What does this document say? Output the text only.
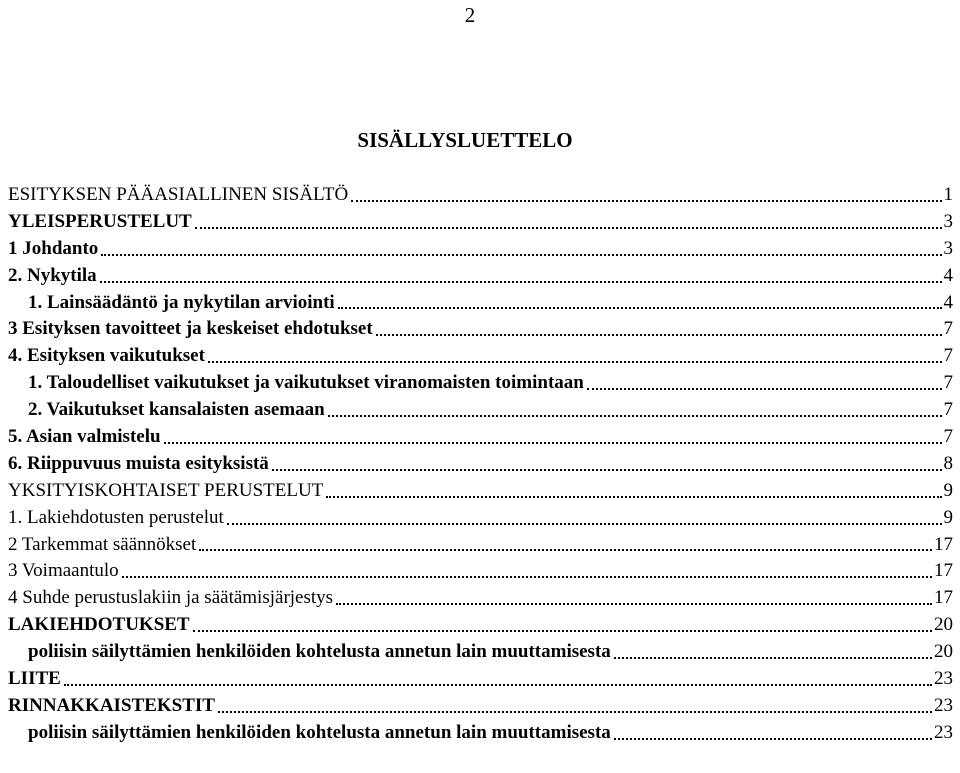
2
SISÄLLYSLUETTELO
ESITYKSEN PÄÄASIALLINEN SISÄLTÖ	1
YLEISPERUSTELUT	3
1 Johdanto	3
2. Nykytila	4
1. Lainsäädäntö ja nykytilan arviointi	4
3 Esityksen tavoitteet ja keskeiset ehdotukset	7
4. Esityksen vaikutukset	7
1. Taloudelliset vaikutukset ja vaikutukset viranomaisten toimintaan	7
2. Vaikutukset kansalaisten asemaan	7
5. Asian valmistelu	7
6. Riippuvuus muista esityksistä	8
YKSITYISKOHTAISET PERUSTELUT	9
1. Lakiehdotusten perustelut	9
2 Tarkemmat säännökset	17
3 Voimaantulo	17
4 Suhde perustuslakiin ja säätämisjärjestys	17
LAKIEHDOTUKSET	20
poliisin säilyttämien henkilöiden kohtelusta annetun lain muuttamisesta	20
LIITE	23
RINNAKKAISTEKSTIT	23
poliisin säilyttämien henkilöiden kohtelusta annetun lain muuttamisesta	23
